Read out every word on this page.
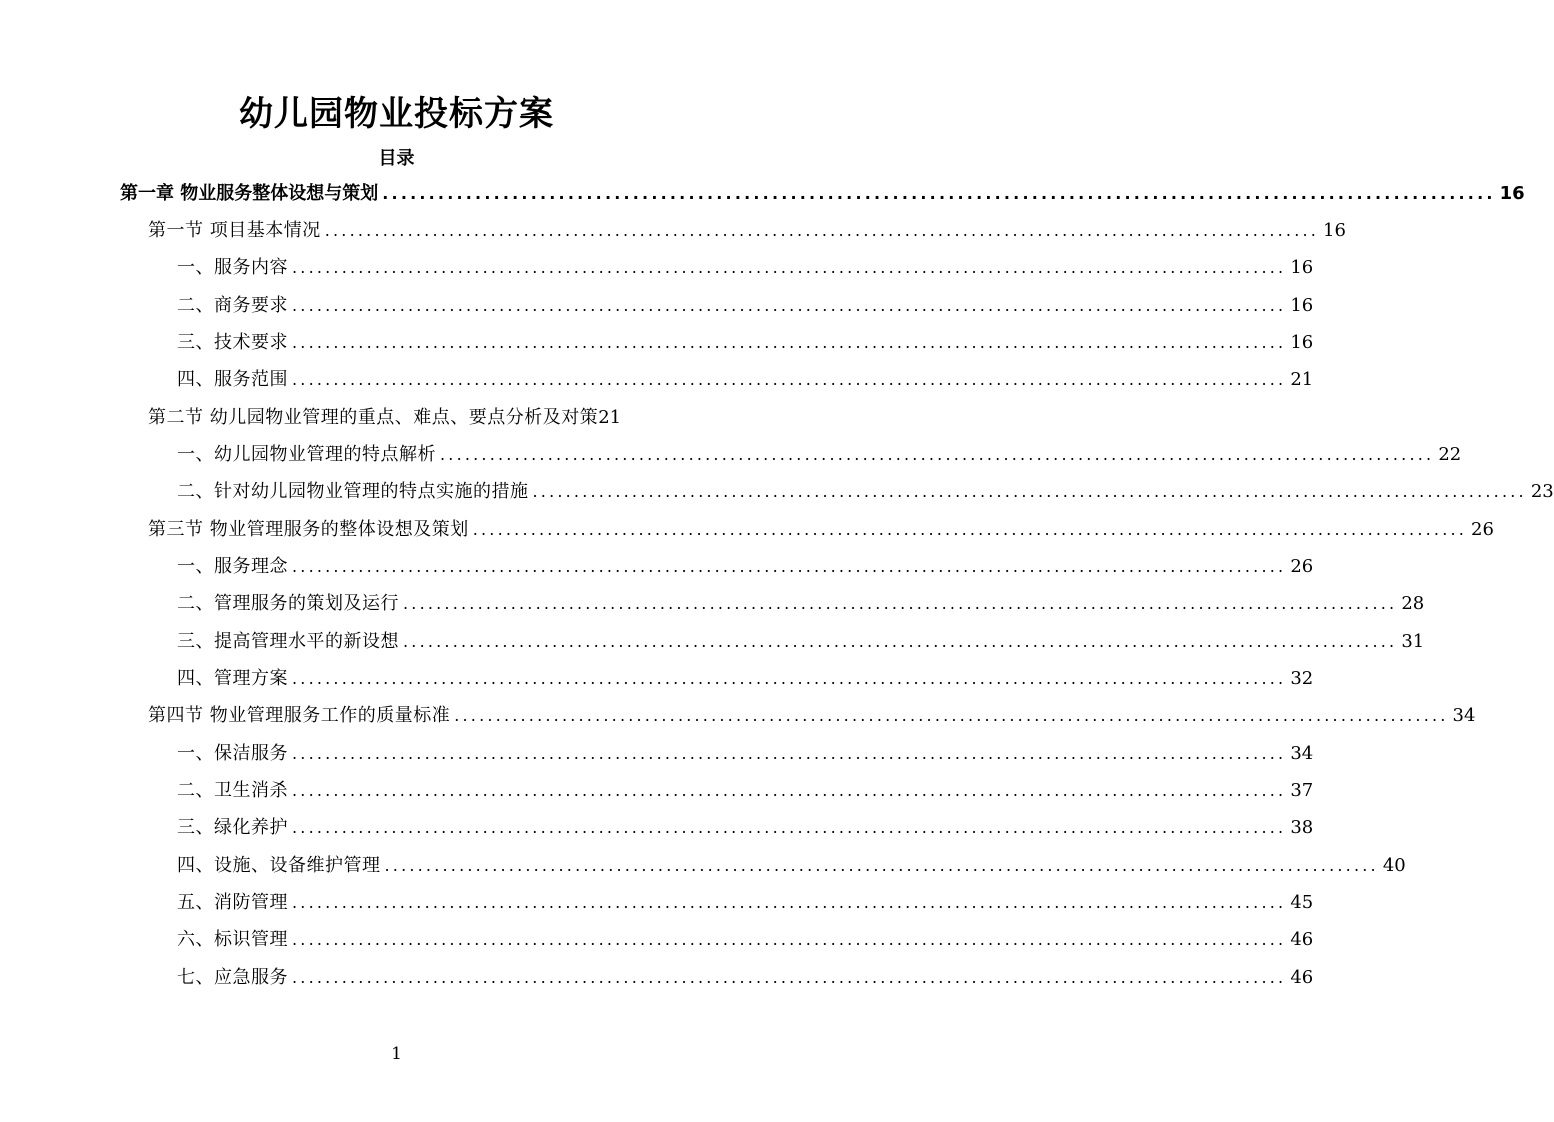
幼儿园物业投标方案
目录
第一章 物业服务整体设想与策划 ........................................................................................................................ 16
第一节 项目基本情况 ........................................................................................................................ 16
一、服务内容 ........................................................................................................................ 16
二、商务要求 ........................................................................................................................ 16
三、技术要求 ........................................................................................................................ 16
四、服务范围 ........................................................................................................................ 21
第二节 幼儿园物业管理的重点、难点、要点分析及对策 21
一、幼儿园物业管理的特点解析 ........................................................................................................................ 22
二、针对幼儿园物业管理的特点实施的措施 ........................................................................................................................ 23
第三节 物业管理服务的整体设想及策划 ........................................................................................................................ 26
一、服务理念 ........................................................................................................................ 26
二、管理服务的策划及运行 ........................................................................................................................ 28
三、提高管理水平的新设想 ........................................................................................................................ 31
四、管理方案 ........................................................................................................................ 32
第四节 物业管理服务工作的质量标准 ........................................................................................................................ 34
一、保洁服务 ........................................................................................................................ 34
二、卫生消杀 ........................................................................................................................ 37
三、绿化养护 ........................................................................................................................ 38
四、设施、设备维护管理 ........................................................................................................................ 40
五、消防管理 ........................................................................................................................ 45
六、标识管理 ........................................................................................................................ 46
七、应急服务 ........................................................................................................................ 46
1
